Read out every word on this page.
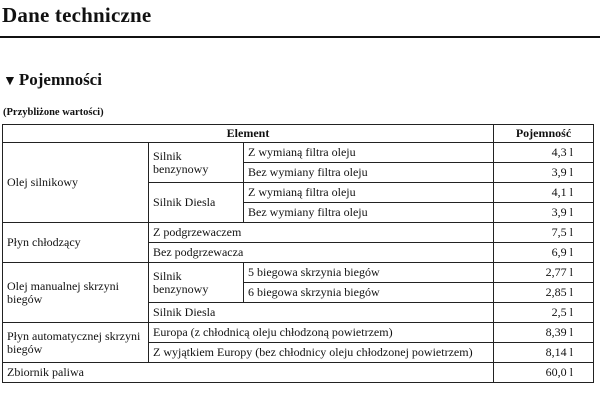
Dane techniczne
▼ Pojemności
(Przybliżone wartości)
Element			Pojemność
Olej silnikowy	Silnik benzynowy	Z wymianą filtra oleju	4,3 l
		Bez wymiany filtra oleju	3,9 l
	Silnik Diesla	Z wymianą filtra oleju	4,1 l
		Bez wymiany filtra oleju	3,9 l
Płyn chłodzący	Z podgrzewaczem		7,5 l
	Bez podgrzewacza		6,9 l
Olej manualnej skrzyni biegów	Silnik benzynowy	5 biegowa skrzynia biegów	2,77 l
		6 biegowa skrzynia biegów	2,85 l
	Silnik Diesla		2,5 l
Płyn automatycznej skrzyni biegów	Europa (z chłodnicą oleju chłodzoną powietrzem)		8,39 l
	Z wyjątkiem Europy (bez chłodnicy oleju chłodzonej powietrzem)		8,14 l
Zbiornik paliwa			60,0 l
